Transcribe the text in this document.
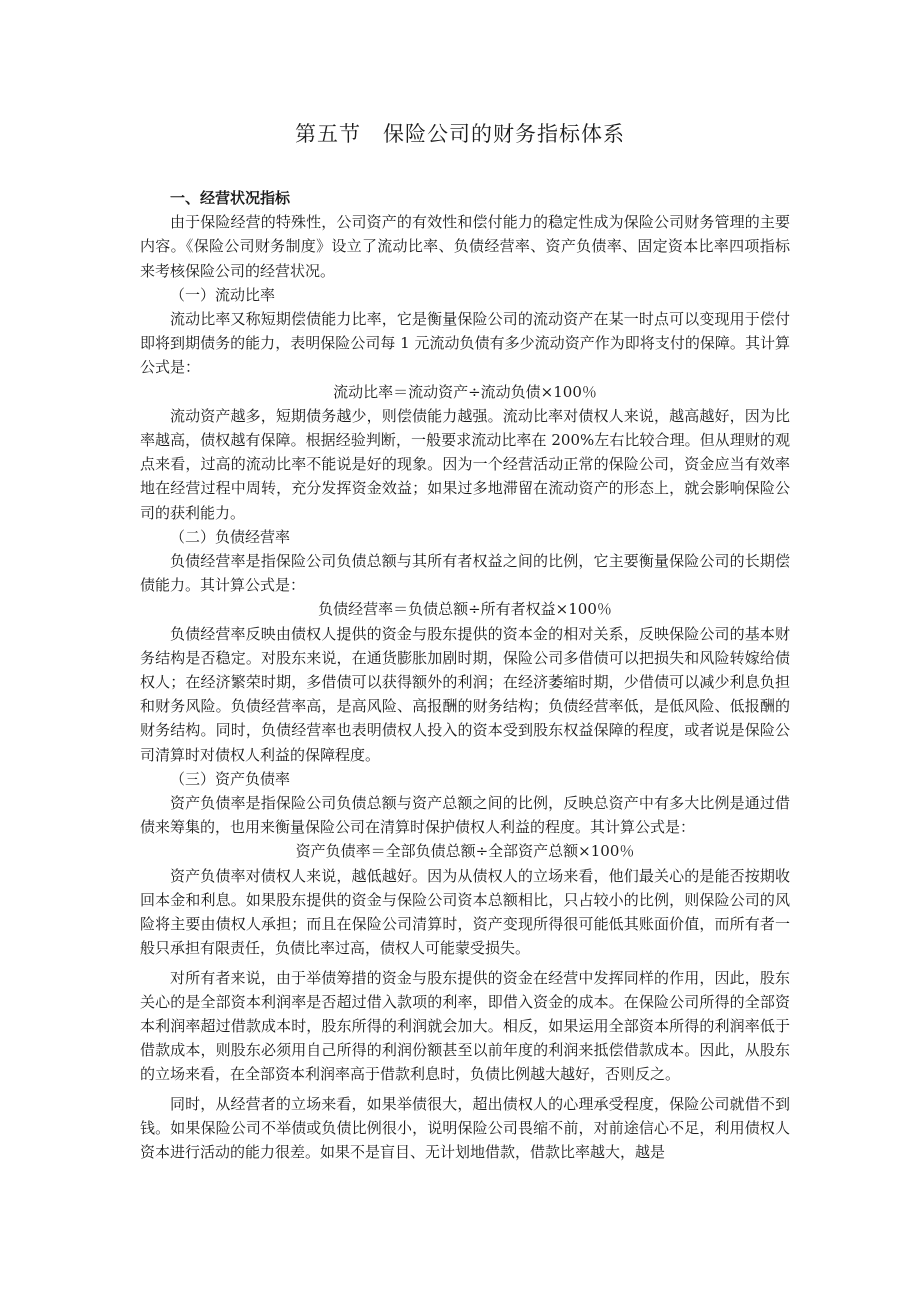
第五节　保险公司的财务指标体系

一、经营状况指标

由于保险经营的特殊性，公司资产的有效性和偿付能力的稳定性成为保险公司财务管理的主要内容。《保险公司财务制度》设立了流动比率、负债经营率、资产负债率、固定资本比率四项指标来考核保险公司的经营状况。

（一）流动比率

流动比率又称短期偿债能力比率，它是衡量保险公司的流动资产在某一时点可以变现用于偿付即将到期债务的能力，表明保险公司每 1 元流动负债有多少流动资产作为即将支付的保障。其计算公式是：

流动比率＝流动资产÷流动负债×100％

流动资产越多，短期债务越少，则偿债能力越强。流动比率对债权人来说，越高越好，因为比率越高，债权越有保障。根据经验判断，一般要求流动比率在 200%左右比较合理。但从理财的观点来看，过高的流动比率不能说是好的现象。因为一个经营活动正常的保险公司，资金应当有效率地在经营过程中周转，充分发挥资金效益；如果过多地滞留在流动资产的形态上，就会影响保险公司的获利能力。

（二）负债经营率

负债经营率是指保险公司负债总额与其所有者权益之间的比例，它主要衡量保险公司的长期偿债能力。其计算公式是：

负债经营率＝负债总额÷所有者权益×100％

负债经营率反映由债权人提供的资金与股东提供的资本金的相对关系，反映保险公司的基本财务结构是否稳定。对股东来说，在通货膨胀加剧时期，保险公司多借债可以把损失和风险转嫁给债权人；在经济繁荣时期，多借债可以获得额外的利润；在经济萎缩时期，少借债可以减少利息负担和财务风险。负债经营率高，是高风险、高报酬的财务结构；负债经营率低，是低风险、低报酬的财务结构。同时，负债经营率也表明债权人投入的资本受到股东权益保障的程度，或者说是保险公司清算时对债权人利益的保障程度。

（三）资产负债率

资产负债率是指保险公司负债总额与资产总额之间的比例，反映总资产中有多大比例是通过借债来筹集的，也用来衡量保险公司在清算时保护债权人利益的程度。其计算公式是：

资产负债率＝全部负债总额÷全部资产总额×100％

资产负债率对债权人来说，越低越好。因为从债权人的立场来看，他们最关心的是能否按期收回本金和利息。如果股东提供的资金与保险公司资本总额相比，只占较小的比例，则保险公司的风险将主要由债权人承担；而且在保险公司清算时，资产变现所得很可能低其账面价值，而所有者一般只承担有限责任，负债比率过高，债权人可能蒙受损失。

对所有者来说，由于举债筹措的资金与股东提供的资金在经营中发挥同样的作用，因此，股东关心的是全部资本利润率是否超过借入款项的利率，即借入资金的成本。在保险公司所得的全部资本利润率超过借款成本时，股东所得的利润就会加大。相反，如果运用全部资本所得的利润率低于借款成本，则股东必须用自己所得的利润份额甚至以前年度的利润来抵偿借款成本。因此，从股东的立场来看，在全部资本利润率高于借款利息时，负债比例越大越好，否则反之。

同时，从经营者的立场来看，如果举债很大，超出债权人的心理承受程度，保险公司就借不到钱。如果保险公司不举债或负债比例很小，说明保险公司畏缩不前，对前途信心不足，利用债权人资本进行活动的能力很差。如果不是盲目、无计划地借款，借款比率越大，越是
